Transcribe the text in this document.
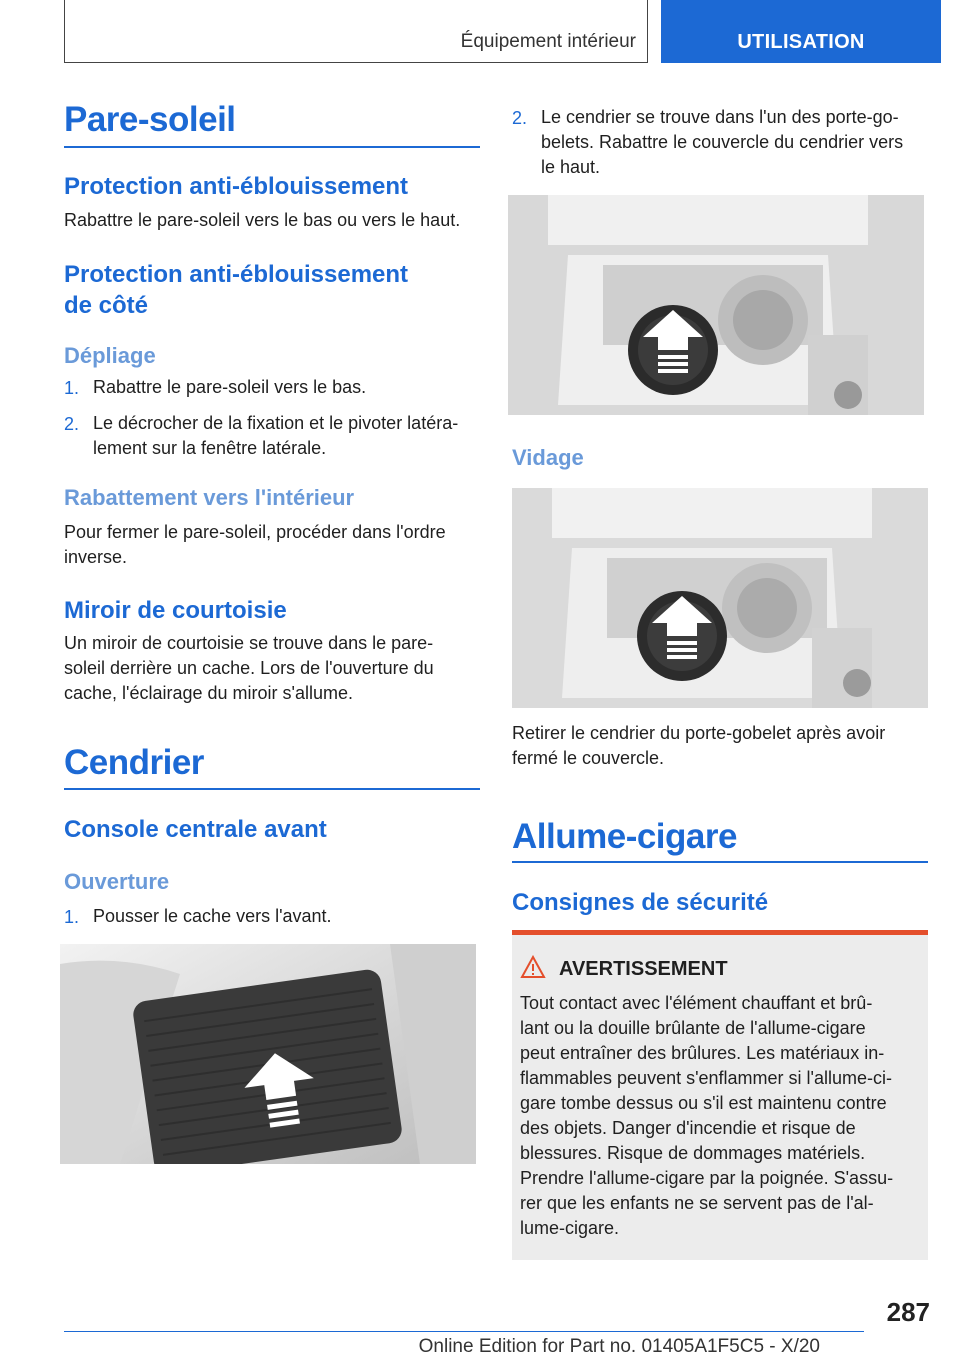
Équipement intérieur	UTILISATION
Pare-soleil
Protection anti-éblouissement
Rabattre le pare-soleil vers le bas ou vers le haut.
Protection anti-éblouissement
de côté
Dépliage
1. Rabattre le pare-soleil vers le bas.
2. Le décrocher de la fixation et le pivoter latéra‐
lement sur la fenêtre latérale.
Rabattement vers l'intérieur
Pour fermer le pare-soleil, procéder dans l'ordre
inverse.
Miroir de courtoisie
Un miroir de courtoisie se trouve dans le pare-
soleil derrière un cache. Lors de l'ouverture du
cache, l'éclairage du miroir s'allume.
Cendrier
Console centrale avant
Ouverture
1. Pousser le cache vers l'avant.
2. Le cendrier se trouve dans l'un des porte-go‐
belets. Rabattre le couvercle du cendrier vers
le haut.
Vidage
Retirer le cendrier du porte-gobelet après avoir
fermé le couvercle.
Allume-cigare
Consignes de sécurité
AVERTISSEMENT
Tout contact avec l'élément chauffant et brû‐
lant ou la douille brûlante de l'allume-cigare
peut entraîner des brûlures. Les matériaux in‐
flammables peuvent s'enflammer si l'allume-ci‐
gare tombe dessus ou s'il est maintenu contre
des objets. Danger d'incendie et risque de
blessures. Risque de dommages matériels.
Prendre l'allume-cigare par la poignée. S'assu‐
rer que les enfants ne se servent pas de l'al‐
lume-cigare.
287
Online Edition for Part no. 01405A1F5C5 - X/20
